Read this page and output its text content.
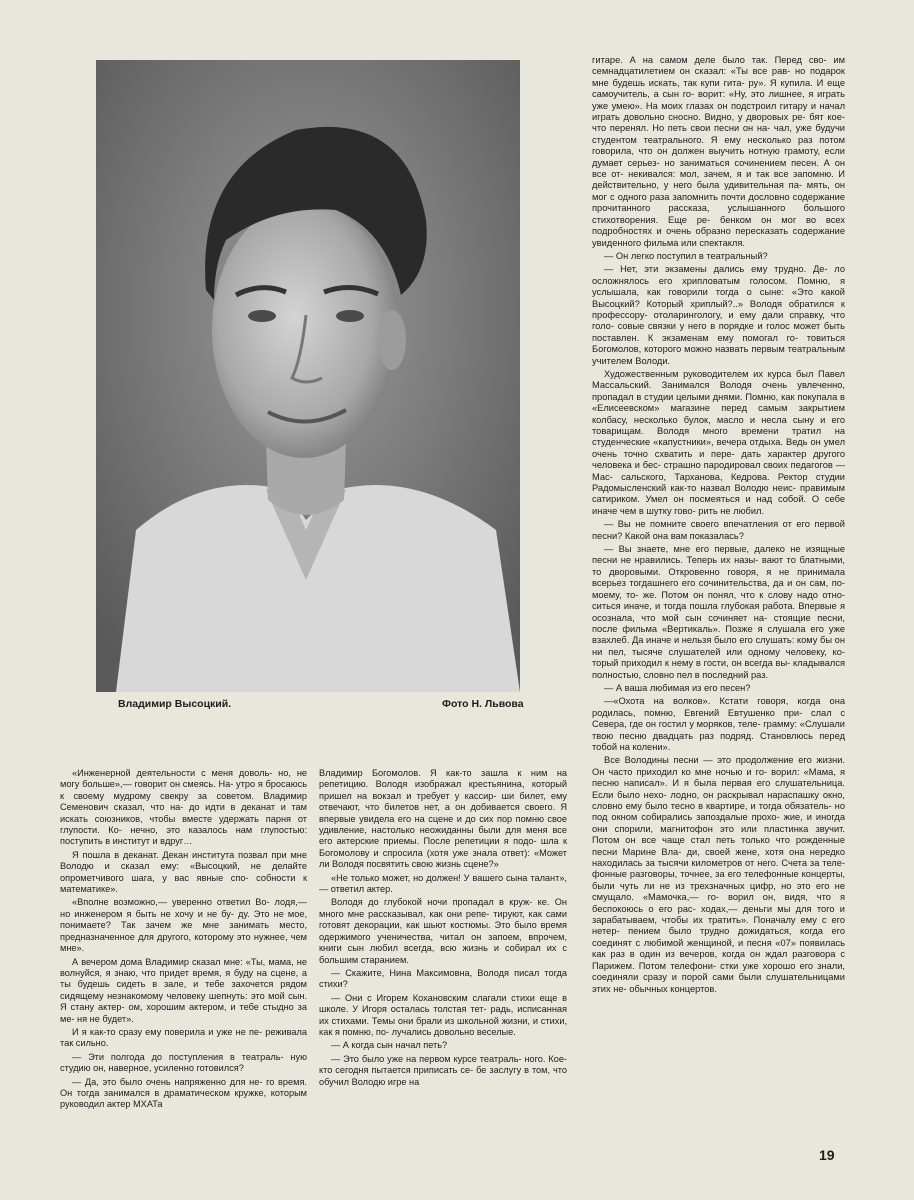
Владимир Высоцкий.	Фото Н. Львова

«Инженерной деятельности с меня доволь- но, не могу больше»,— говорит он смеясь. На- утро я бросаюсь к своему мудрому свекру за советом. Владимир Семенович сказал, что на- до идти в деканат и там искать союзников, чтобы вместе удержать парня от глупости. Ко- нечно, это казалось нам глупостью: поступить в институт и вдруг…

Я пошла в деканат. Декан института позвал при мне Володю и сказал ему: «Высоцкий, не делайте опрометчивого шага, у вас явные спо- собности к математике».

«Вполне возможно,— уверенно ответил Во- лодя,— но инженером я быть не хочу и не бу- ду. Это не мое, понимаете? Так зачем же мне занимать место, предназначенное для другого, которому это нужнее, чем мне».

А вечером дома Владимир сказал мне: «Ты, мама, не волнуйся, я знаю, что придет время, я буду на сцене, а ты будешь сидеть в зале, и тебе захочется рядом сидящему незнакомому человеку шепнуть: это мой сын. Я стану актер- ом, хорошим актером, и тебе стыдно за ме- ня не будет».

И я как-то сразу ему поверила и уже не пе- реживала так сильно.

— Эти полгода до поступления в театраль- ную студию он, наверное, усиленно готовился?

— Да, это было очень напряженно для не- го время. Он тогда занимался в драматическом кружке, которым руководил актер МХАТа

Владимир Богомолов. Я как-то зашла к ним на репетицию. Володя изображал крестьянина, который пришел на вокзал и требует у кассир- ши билет, ему отвечают, что билетов нет, а он добивается своего. Я впервые увидела его на сцене и до сих пор помню свое удивление, настолько неожиданны были для меня все его актерские приемы. После репетиции я подо- шла к Богомолову и спросила (хотя уже знала ответ): «Может ли Володя посвятить свою жизнь сцене?»

«Не только может, но должен! У вашего сына талант»,— ответил актер.

Володя до глубокой ночи пропадал в круж- ке. Он много мне рассказывал, как они репе- тируют, как сами готовят декорации, как шьют костюмы. Это было время одержимого ученичества, читал он запоем, впрочем, книги сын любил всегда, всю жизнь и собирал их с большим старанием.

— Скажите, Нина Максимовна, Володя писал тогда стихи?

— Они с Игорем Кохановским слагали стихи еще в школе. У Игоря осталась толстая тет- радь, исписанная их стихами. Темы они брали из школьной жизни, и стихи, как я помню, по- лучались довольно веселые.

— А когда сын начал петь?

— Это было уже на первом курсе театраль- ного. Кое-кто сегодня пытается приписать се- бе заслугу в том, что обучил Володю игре на

гитаре. А на самом деле было так. Перед сво- им семнадцатилетием он сказал: «Ты все рав- но подарок мне будешь искать, так купи гита- ру». Я купила. И еще самоучитель, а сын го- ворит: «Ну, это лишнее, я играть уже умею». На моих глазах он подстроил гитару и начал играть довольно сносно. Видно, у дворовых ре- бят кое-что перенял. Но петь свои песни он на- чал, уже будучи студентом театрального. Я ему несколько раз потом говорила, что он должен выучить нотную грамоту, если думает серьез- но заниматься сочинением песен. А он все от- некивался: мол, зачем, я и так все запомню. И действительно, у него была удивительная па- мять, он мог с одного раза запомнить почти дословно содержание прочитанного рассказа, услышанного большого стихотворения. Еще ре- бенком он мог во всех подробностях и очень образно пересказать содержание увиденного фильма или спектакля.

— Он легко поступил в театральный?

— Нет, эти экзамены дались ему трудно. Де- ло осложнялось его хрипловатым голосом. Помню, я услышала, как говорили тогда о сыне: «Это какой Высоцкий? Который хриплый?..» Володя обратился к профессору- отоларингологу, и ему дали справку, что голо- совые связки у него в порядке и голос может быть поставлен. К экзаменам ему помогал го- товиться Богомолов, которого можно назвать первым театральным учителем Володи.

Художественным руководителем их курса был Павел Массальский. Занимался Володя очень увлеченно, пропадал в студии целыми днями. Помню, как покупала в «Елисеевском» магазине перед самым закрытием колбасу, несколько булок, масло и несла сыну и его товарищам. Володя много времени тратил на студенческие «капустники», вечера отдыха. Ведь он умел очень точно схватить и пере- дать характер другого человека и бес- страшно пародировал своих педагогов — Мас- сальского, Тарханова, Кедрова. Ректор студии Радомысленский как-то назвал Володю неис- правимым сатириком. Умел он посмеяться и над собой. О себе иначе чем в шутку гово- рить не любил.

— Вы не помните своего впечатления от его первой песни? Какой она вам показалась?

— Вы знаете, мне его первые, далеко не изящные песни не нравились. Теперь их назы- вают то блатными, то дворовыми. Откровенно говоря, я не принимала всерьез тогдашнего его сочинительства, да и он сам, по-моему, то- же. Потом он понял, что к слову надо отно- ситься иначе, и тогда пошла глубокая работа. Впервые я осознала, что мой сын сочиняет на- стоящие песни, после фильма «Вертикаль». Позже я слушала его уже взахлеб. Да иначе и нельзя было его слушать: кому бы он ни пел, тысяче слушателей или одному человеку, ко- торый приходил к нему в гости, он всегда вы- кладывался полностью, словно пел в последний раз.

— А ваша любимая из его песен?

—«Охота на волков». Кстати говоря, когда она родилась, помню, Евгений Евтушенко при- слал с Севера, где он гостил у моряков, теле- грамму: «Слушали твою песню двадцать раз подряд. Становлюсь перед тобой на колени».

Все Володины песни — это продолжение его жизни. Он часто приходил ко мне ночью и го- ворил: «Мама, я песню написал». И я была первая его слушательница. Если было нехо- лодно, он раскрывал нараспашку окно, словно ему было тесно в квартире, и тогда обязатель- но под окном собирались запоздалые прохо- жие, и иногда они спорили, магнитофон это или пластинка звучит. Потом он все чаще стал петь только что рожденные песни Марине Вла- ди, своей жене, хотя она нередко находилась за тысячи километров от него. Счета за теле- фонные разговоры, точнее, за его телефонные концерты, были чуть ли не из трехзначных цифр, но это его не смущало. «Мамочка,— го- ворил он, видя, что я беспокоюсь о его рас- ходах,— деньги мы для того и зарабатываем, чтобы их тратить». Поначалу ему с его нетер- пением было трудно дожидаться, когда его соединят с любимой женщиной, и песня «07» появилась как раз в один из вечеров, когда он ждал разговора с Парижем. Потом телефони- стки уже хорошо его знали, соединяли сразу и порой сами были слушательницами этих не- обычных концертов.

19
